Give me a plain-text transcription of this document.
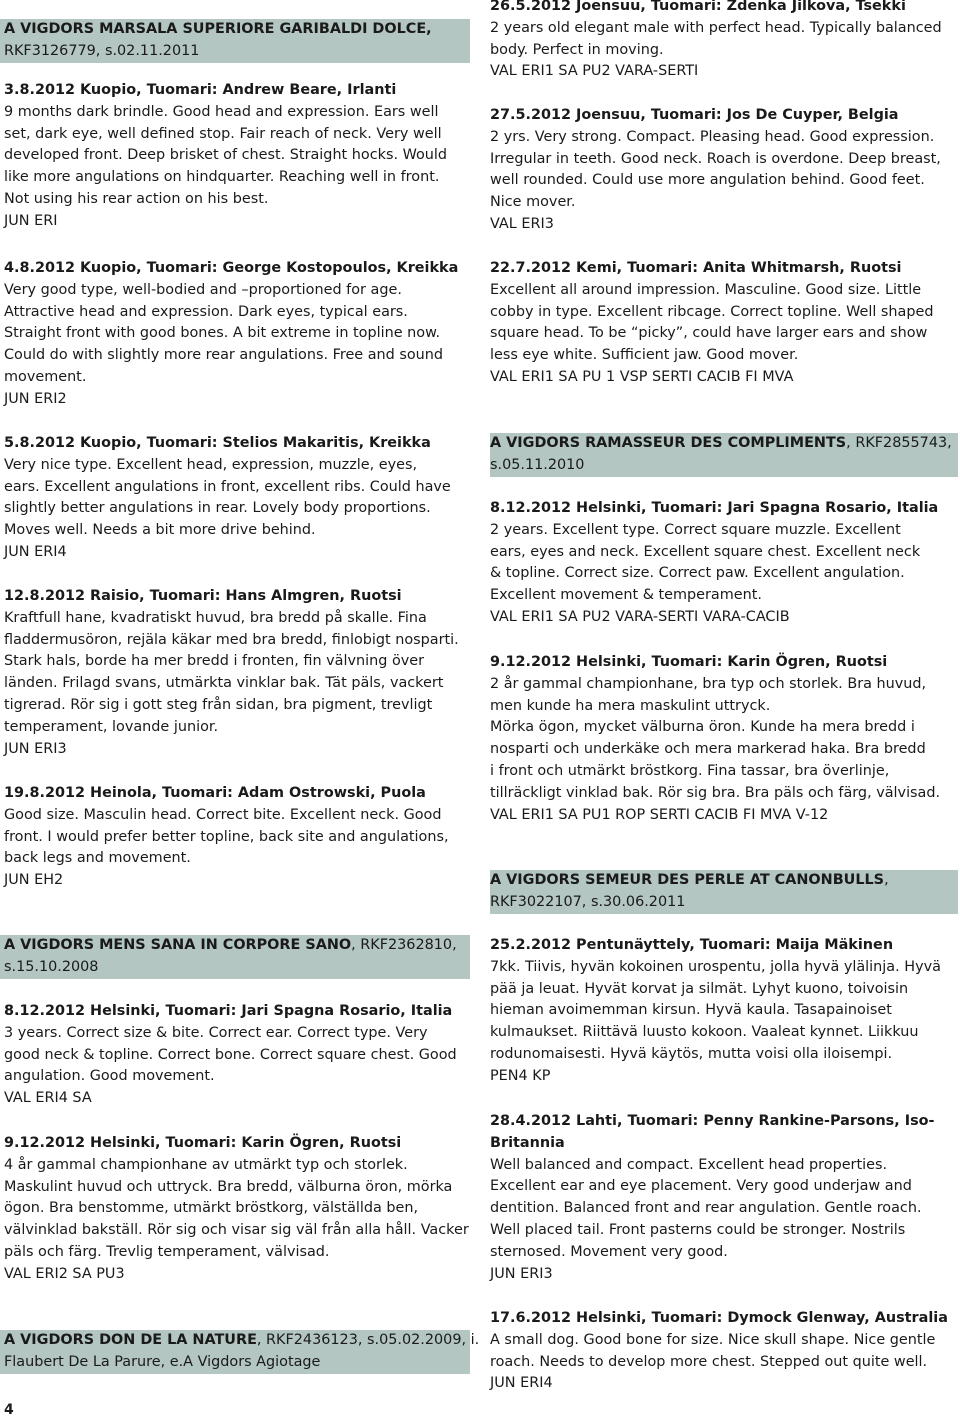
A VIGDORS MARSALA SUPERIORE GARIBALDI DOLCE,
RKF3126779, s.02.11.2011
3.8.2012 Kuopio, Tuomari: Andrew Beare, Irlanti
9 months dark brindle. Good head and expression. Ears well
set, dark eye, well defined stop. Fair reach of neck. Very well
developed front. Deep brisket of chest. Straight hocks. Would
like more angulations on hindquarter. Reaching well in front.
Not using his rear action on his best.
JUN ERI
4.8.2012 Kuopio, Tuomari: George Kostopoulos, Kreikka
Very good type, well-bodied and –proportioned for age.
Attractive head and expression. Dark eyes, typical ears.
Straight front with good bones. A bit extreme in topline now.
Could do with slightly more rear angulations. Free and sound
movement.
JUN ERI2
5.8.2012 Kuopio, Tuomari: Stelios Makaritis, Kreikka
Very nice type. Excellent head, expression, muzzle, eyes,
ears. Excellent angulations in front, excellent ribs. Could have
slightly better angulations in rear. Lovely body proportions.
Moves well. Needs a bit more drive behind.
JUN ERI4
12.8.2012 Raisio, Tuomari: Hans Almgren, Ruotsi
Kraftfull hane, kvadratiskt huvud, bra bredd på skalle. Fina
fladdermusöron, rejäla käkar med bra bredd, finlobigt nosparti.
Stark hals, borde ha mer bredd i fronten, fin välvning över
länden. Frilagd svans, utmärkta vinklar bak. Tät päls, vackert
tigrerad. Rör sig i gott steg från sidan, bra pigment, trevligt
temperament, lovande junior.
JUN ERI3
19.8.2012 Heinola, Tuomari: Adam Ostrowski, Puola
Good size. Masculin head. Correct bite. Excellent neck. Good
front. I would prefer better topline, back site and angulations,
back legs and movement.
JUN EH2
A VIGDORS MENS SANA IN CORPORE SANO, RKF2362810,
s.15.10.2008
8.12.2012 Helsinki, Tuomari: Jari Spagna Rosario, Italia
3 years. Correct size & bite. Correct ear. Correct type. Very
good neck & topline. Correct bone. Correct square chest. Good
angulation. Good movement.
VAL ERI4 SA
9.12.2012 Helsinki, Tuomari: Karin Ögren, Ruotsi
4 år gammal championhane av utmärkt typ och storlek.
Maskulint huvud och uttryck. Bra bredd, välburna öron, mörka
ögon. Bra benstomme, utmärkt bröstkorg, välställda ben,
välvinklad bakställ. Rör sig och visar sig väl från alla håll. Vacker
päls och färg. Trevlig temperament, välvisad.
VAL ERI2 SA PU3
A VIGDORS DON DE LA NATURE, RKF2436123, s.05.02.2009, i.
Flaubert De La Parure, e.A Vigdors Agiotage
26.5.2012 Joensuu, Tuomari: Zdenka Jilkova, Tsekki
2 years old elegant male with perfect head. Typically balanced
body. Perfect in moving.
VAL ERI1 SA PU2 VARA-SERTI
27.5.2012 Joensuu, Tuomari: Jos De Cuyper, Belgia
2 yrs. Very strong. Compact. Pleasing head. Good expression.
Irregular in teeth. Good neck. Roach is overdone. Deep breast,
well rounded. Could use more angulation behind. Good feet.
Nice mover.
VAL ERI3
22.7.2012 Kemi, Tuomari: Anita Whitmarsh, Ruotsi
Excellent all around impression. Masculine. Good size. Little
cobby in type. Excellent ribcage. Correct topline. Well shaped
square head. To be “picky”, could have larger ears and show
less eye white. Sufficient jaw. Good mover.
VAL ERI1 SA PU 1 VSP SERTI CACIB FI MVA
A VIGDORS RAMASSEUR DES COMPLIMENTS, RKF2855743,
s.05.11.2010
8.12.2012 Helsinki, Tuomari: Jari Spagna Rosario, Italia
2 years. Excellent type. Correct square muzzle. Excellent
ears, eyes and neck. Excellent square chest. Excellent neck
& topline. Correct size. Correct paw. Excellent angulation.
Excellent movement & temperament.
VAL ERI1 SA PU2 VARA-SERTI VARA-CACIB
9.12.2012 Helsinki, Tuomari: Karin Ögren, Ruotsi
2 år gammal championhane, bra typ och storlek. Bra huvud,
men kunde ha mera maskulint uttryck.
Mörka ögon, mycket välburna öron. Kunde ha mera bredd i
nosparti och underkäke och mera markerad haka. Bra bredd
i front och utmärkt bröstkorg. Fina tassar, bra överlinje,
tillräckligt vinklad bak. Rör sig bra. Bra päls och färg, välvisad.
VAL ERI1 SA PU1 ROP SERTI CACIB FI MVA V-12
A VIGDORS SEMEUR DES PERLE AT CANONBULLS,
RKF3022107, s.30.06.2011
25.2.2012 Pentunäyttely, Tuomari: Maija Mäkinen
7kk. Tiivis, hyvän kokoinen urospentu, jolla hyvä ylälinja. Hyvä
pää ja leuat. Hyvät korvat ja silmät. Lyhyt kuono, toivoisin
hieman avoimemman kirsun. Hyvä kaula. Tasapainoiset
kulmaukset. Riittävä luusto kokoon. Vaaleat kynnet. Liikkuu
rodunomaisesti. Hyvä käytös, mutta voisi olla iloisempi.
PEN4 KP
28.4.2012 Lahti, Tuomari: Penny Rankine-Parsons, Iso-
Britannia
Well balanced and compact. Excellent head properties.
Excellent ear and eye placement. Very good underjaw and
dentition. Balanced front and rear angulation. Gentle roach.
Well placed tail. Front pasterns could be stronger. Nostrils
sternosed. Movement very good.
JUN ERI3
17.6.2012 Helsinki, Tuomari: Dymock Glenway, Australia
A small dog. Good bone for size. Nice skull shape. Nice gentle
roach. Needs to develop more chest. Stepped out quite well.
JUN ERI4
4
